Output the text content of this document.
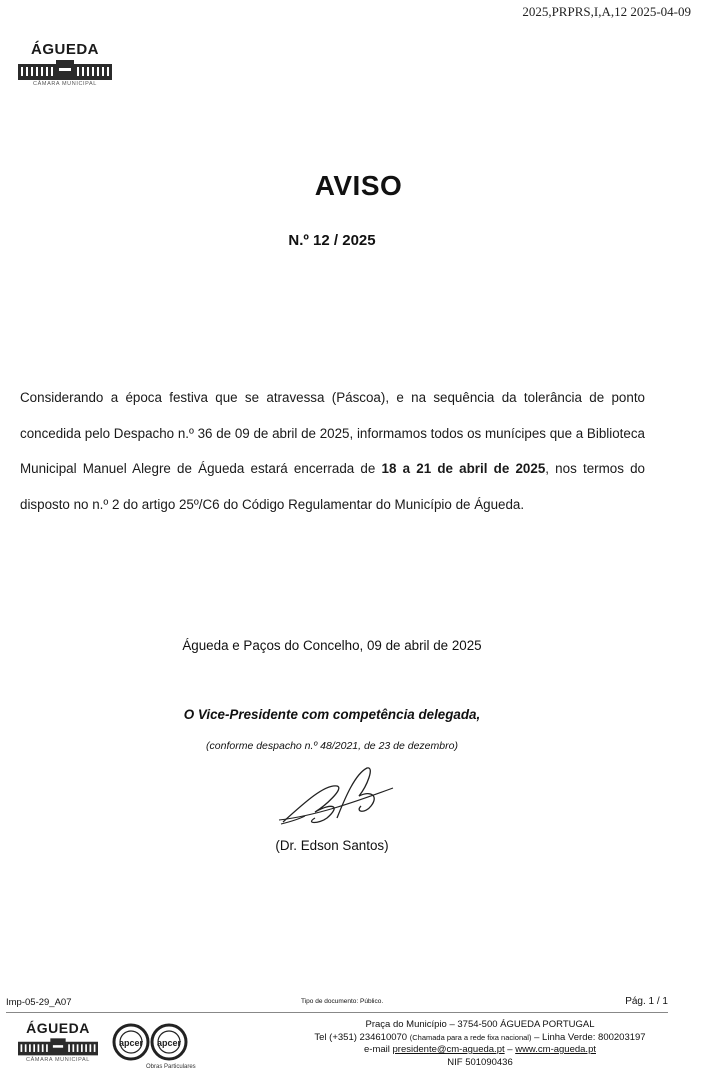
2025,PRPRS,I,A,12 2025-04-09
ÁGUEDA
CÂMARA MUNICIPAL
AVISO
N.º 12 / 2025
Considerando a época festiva que se atravessa (Páscoa), e na sequência da tolerância de ponto concedida pelo Despacho n.º 36 de 09 de abril de 2025, informamos todos os munícipes que a Biblioteca Municipal Manuel Alegre de Águeda estará encerrada de 18 a 21 de abril de 2025, nos termos do disposto no n.º 2 do artigo 25º/C6 do Código Regulamentar do Município de Águeda.
Águeda e Paços do Concelho, 09 de abril de 2025
O Vice-Presidente com competência delegada,
(conforme despacho n.º 48/2021, de 23 de dezembro)
(Dr. Edson Santos)
Imp-05-29_A07	Tipo de documento: Público.	Pág. 1 / 1
ÁGUEDA
CÂMARA MUNICIPAL
apcer apcer
Obras Particulares
Praça do Município – 3754-500 ÁGUEDA PORTUGAL
Tel (+351) 234610070 (Chamada para a rede fixa nacional) – Linha Verde: 800203197
e-mail presidente@cm-agueda.pt – www.cm-agueda.pt
NIF 501090436
